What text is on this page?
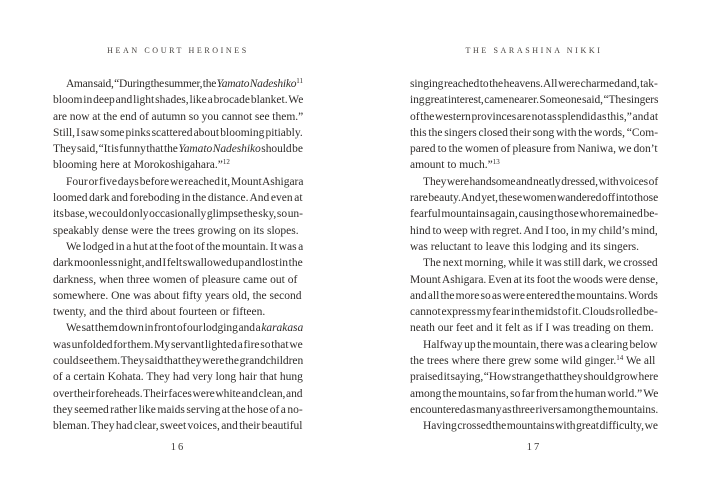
HEAN COURT HEROINES	THE SARASHINA NIKKI
A man said, “During the summer, the Yamato Nadeshiko$^{11}$
bloom in deep and light shades, like a brocade blanket. We
are now at the end of autumn so you cannot see them.”
Still, I saw some pinks scattered about blooming pitiably.
They said, “It is funny that the Yamato Nadeshiko should be
blooming here at Morokoshigahara.”$^{12}$
Four or five days before we reached it, Mount Ashigara
loomed dark and foreboding in the distance. And even at
its base, we could only occasionally glimpse the sky, so un-
speakably dense were the trees growing on its slopes.
We lodged in a hut at the foot of the mountain. It was a
dark moonless night, and I felt swallowed up and lost in the
darkness, when three women of pleasure came out of
somewhere. One was about fifty years old, the second
twenty, and the third about fourteen or fifteen.
We sat them down in front of our lodging and a karakasa
was unfolded for them. My servant lighted a fire so that we
could see them. They said that they were the grandchildren
of a certain Kohata. They had very long hair that hung
over their foreheads. Their faces were white and clean, and
they seemed rather like maids serving at the hose of a no-
bleman. They had clear, sweet voices, and their beautiful
singing reached to the heavens. All were charmed and, tak-
ing great interest, came nearer. Someone said, “The singers
of the western provinces are not as splendid as this,” and at
this the singers closed their song with the words, “Com-
pared to the women of pleasure from Naniwa, we don’t
amount to much.”$^{13}$
They were handsome and neatly dressed, with voices of
rare beauty. And yet, these women wandered off into those
fearful mountains again, causing those who remained be-
hind to weep with regret. And I too, in my child’s mind,
was reluctant to leave this lodging and its singers.
The next morning, while it was still dark, we crossed
Mount Ashigara. Even at its foot the woods were dense,
and all the more so as were entered the mountains. Words
cannot express my fear in the midst of it. Clouds rolled be-
neath our feet and it felt as if I was treading on them.
Halfway up the mountain, there was a clearing below
the trees where there grew some wild ginger.$^{14}$ We all
praised it saying, “How strange that they should grow here
among the mountains, so far from the human world.” We
encountered as many as three rivers among the mountains.
Having crossed the mountains with great difficulty, we
16	17
